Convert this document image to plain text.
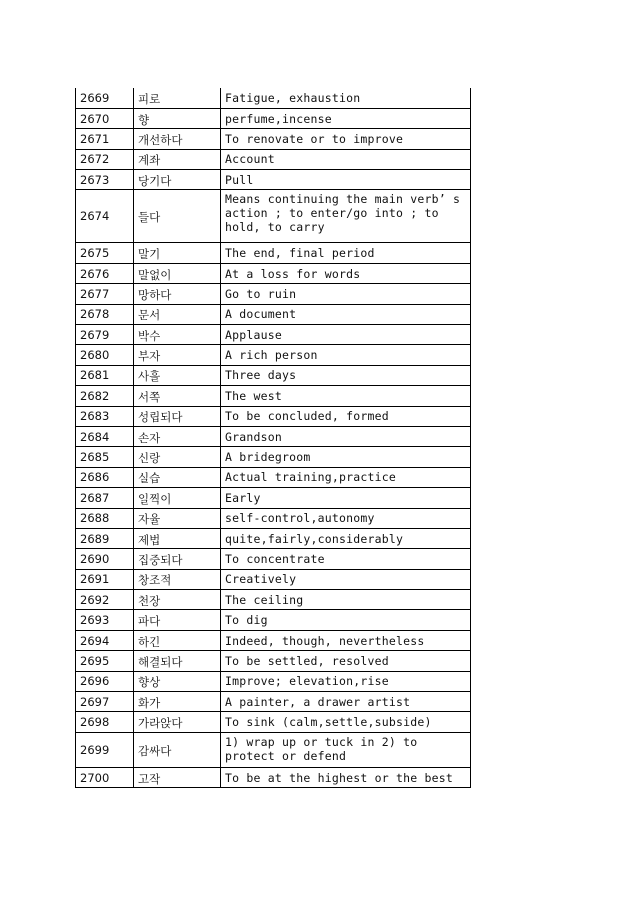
2669	피로	Fatigue, exhaustion
2670	향	perfume,incense
2671	개선하다	To renovate or to improve
2672	계좌	Account
2673	당기다	Pull
2674	들다	Means continuing the main verb’ s action ; to enter/go into ; to hold, to carry
2675	말기	The end, final period
2676	말없이	At a loss for words
2677	망하다	Go to ruin
2678	문서	A document
2679	박수	Applause
2680	부자	A rich person
2681	사흘	Three days
2682	서쪽	The west
2683	성립되다	To be concluded, formed
2684	손자	Grandson
2685	신랑	A bridegroom
2686	실습	Actual training,practice
2687	일찍이	Early
2688	자율	self-control,autonomy
2689	제법	quite,fairly,considerably
2690	집중되다	To concentrate
2691	창조적	Creatively
2692	천장	The ceiling
2693	파다	To dig
2694	하긴	Indeed, though, nevertheless
2695	해결되다	To be settled, resolved
2696	향상	Improve; elevation,rise
2697	화가	A painter, a drawer artist
2698	가라앉다	To sink (calm,settle,subside)
2699	감싸다	1) wrap up or tuck in 2) to protect or defend
2700	고작	To be at the highest or the best
